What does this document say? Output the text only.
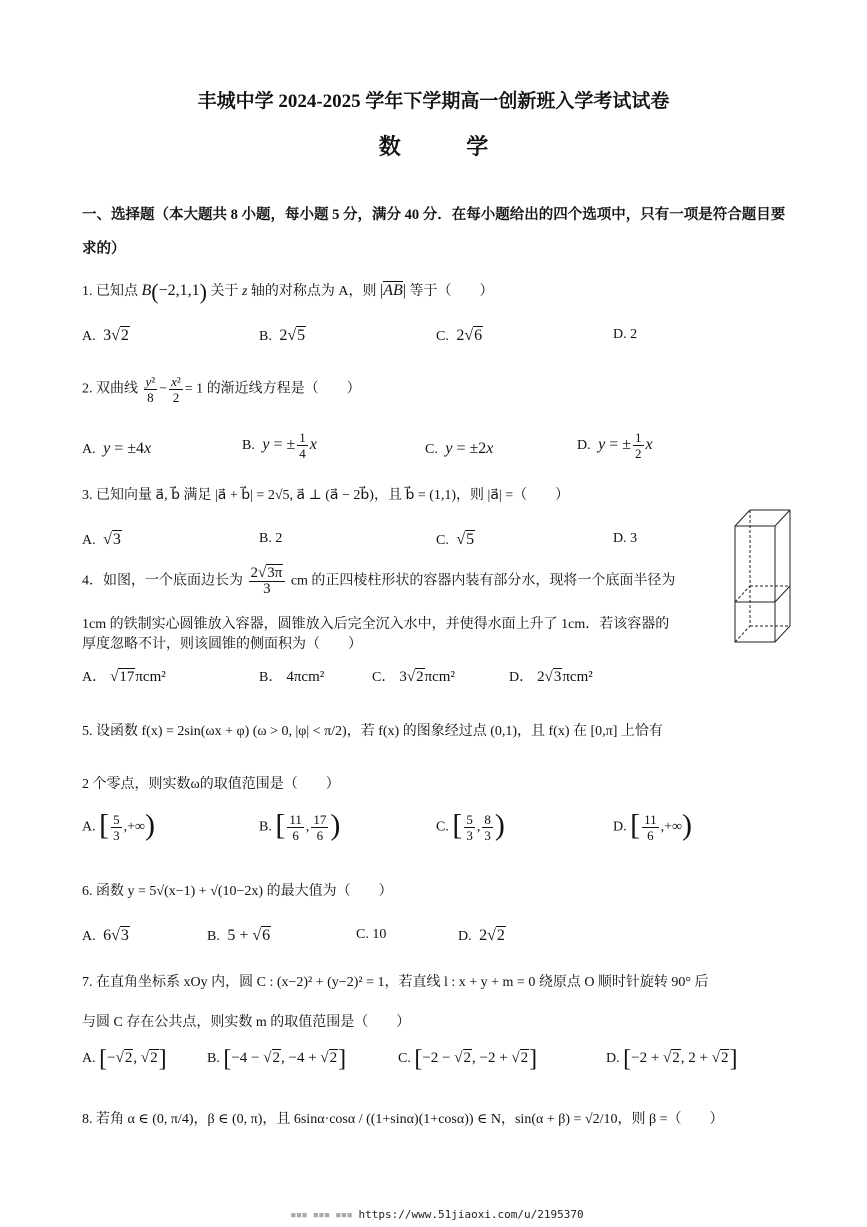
丰城中学 2024-2025 学年下学期高一创新班入学考试试卷
数 学
一、选择题（本大题共 8 小题，每小题 5 分，满分 40 分．在每小题给出的四个选项中，只有一项是符合题目要求的）
1. 已知点 B(−2,1,1) 关于 z 轴的对称点为 A，则 |AB| 等于（　　）
A. 3√2	B. 2√5	C. 2√6	D. 2
2. 双曲线 $\frac{\text{y²}}{8} - \frac{\text{x²}}{2} = 1$ 的渐近线方程是（　　）
A. y = ±4x	B. y = ± $\frac{1}{4}$ x	C. y = ±2x	D. y = ± $\frac{1}{2}$ x
3. 已知向量 a⃗, b⃗ 满足 |a⃗ + b⃗| = 2√5, a⃗ ⊥ (a⃗ − 2b⃗)，且 b⃗ = (1,1)，则 |a⃗| =（　　）
A. √3	B. 2	C. √5	D. 3
4．如图，一个底面边长为 $\frac{2√3\pi}{3}$ cm 的正四棱柱形状的容器内装有部分水，现将一个底面半径为
1cm 的铁制实心圆锥放入容器，圆锥放入后完全沉入水中，并使得水面上升了 1cm．若该容器的
厚度忽略不计，则该圆锥的侧面积为（　　）
A． √17πcm²	B． 4πcm²	C． 3√2πcm²	D． 2√3πcm²
5. 设函数 f(x) = 2sin(ωx + φ) (ω > 0, |φ| < π/2)，若 f(x) 的图象经过点 (0,1)，且 f(x) 在 [0,π] 上恰有
2 个零点，则实数ω的取值范围是（　　）
A. [ $\frac{5}{3}$ ,+∞)	B. [ $\frac{11}{6}$ , $\frac{17}{6}$ )	C. [ $\frac{5}{3}$ , $\frac{8}{3}$ )	D. [ $\frac{11}{6}$ ,+∞)
6. 函数 y = 5√(x−1) + √(10−2x) 的最大值为（　　）
A. 6√3	B. 5 + √6	C. 10	D. 2√2
7. 在直角坐标系 xOy 内，圆 C : (x−2)² + (y−2)² = 1，若直线 l : x + y + m = 0 绕原点 O 顺时针旋转 90° 后
与圆 C 存在公共点，则实数 m 的取值范围是（　　）
A. [−√2, √2]	B. [−4 − √2, −4 + √2]	C. [−2 − √2, −2 + √2]	D. [−2 + √2, 2 + √2]
8. 若角 α ∈ (0, π/4)，β ∈ (0, π)，且 6sinα·cosα / ((1+sinα)(1+cosα)) ∈ N，sin(α + β) = √2/10，则 β =（　　）
▪▪▪ ▪▪▪ ▪▪▪ https://www.51jiaoxi.com/u/2195370
